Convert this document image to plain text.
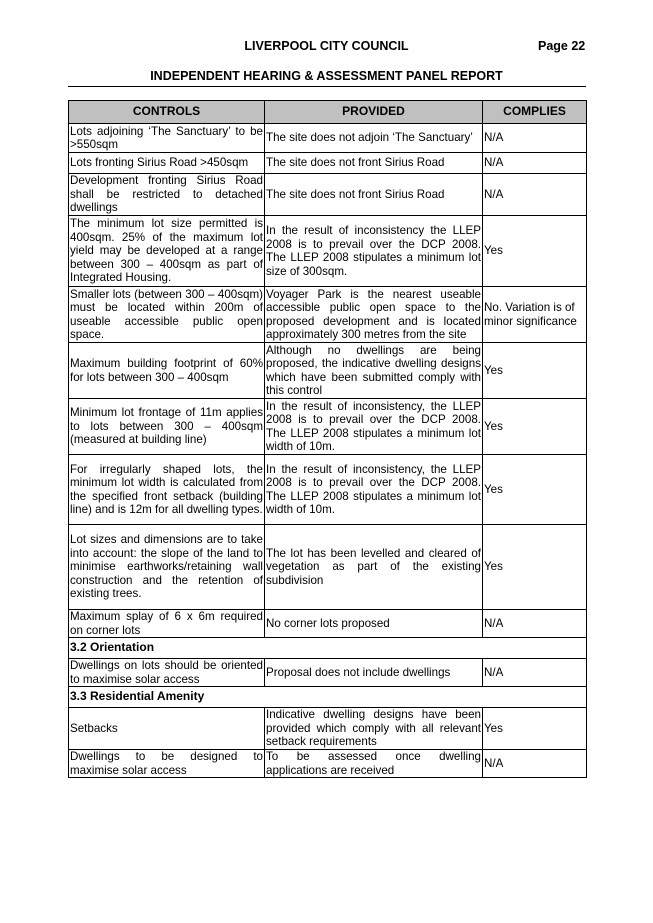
LIVERPOOL CITY COUNCIL	Page 22
INDEPENDENT HEARING & ASSESSMENT PANEL REPORT
CONTROLS	PROVIDED	COMPLIES
Lots adjoining ‘The Sanctuary’ to be >550sqm	The site does not adjoin ‘The Sanctuary’	N/A
Lots fronting Sirius Road >450sqm	The site does not front Sirius Road	N/A
Development fronting Sirius Road shall be restricted to detached dwellings	The site does not front Sirius Road	N/A
The minimum lot size permitted is 400sqm. 25% of the maximum lot yield may be developed at a range between 300 – 400sqm as part of Integrated Housing.	In the result of inconsistency the LLEP 2008 is to prevail over the DCP 2008. The LLEP 2008 stipulates a minimum lot size of 300sqm.	Yes
Smaller lots (between 300 – 400sqm) must be located within 200m of useable accessible public open space.	Voyager Park is the nearest useable accessible public open space to the proposed development and is located approximately 300 metres from the site	No. Variation is of minor significance
Maximum building footprint of 60% for lots between 300 – 400sqm	Although no dwellings are being proposed, the indicative dwelling designs which have been submitted comply with this control	Yes
Minimum lot frontage of 11m applies to lots between 300 – 400sqm (measured at building line)	In the result of inconsistency, the LLEP 2008 is to prevail over the DCP 2008. The LLEP 2008 stipulates a minimum lot width of 10m.	Yes
For irregularly shaped lots, the minimum lot width is calculated from the specified front setback (building line) and is 12m for all dwelling types.	In the result of inconsistency, the LLEP 2008 is to prevail over the DCP 2008. The LLEP 2008 stipulates a minimum lot width of 10m.	Yes
Lot sizes and dimensions are to take into account: the slope of the land to minimise earthworks/retaining wall construction and the retention of existing trees.	The lot has been levelled and cleared of vegetation as part of the existing subdivision	Yes
Maximum splay of 6 x 6m required on corner lots	No corner lots proposed	N/A
3.2 Orientation		
Dwellings on lots should be oriented to maximise solar access	Proposal does not include dwellings	N/A
3.3 Residential Amenity		
Setbacks	Indicative dwelling designs have been provided which comply with all relevant setback requirements	Yes
Dwellings to be designed to maximise solar access	To be assessed once dwelling applications are received	N/A
